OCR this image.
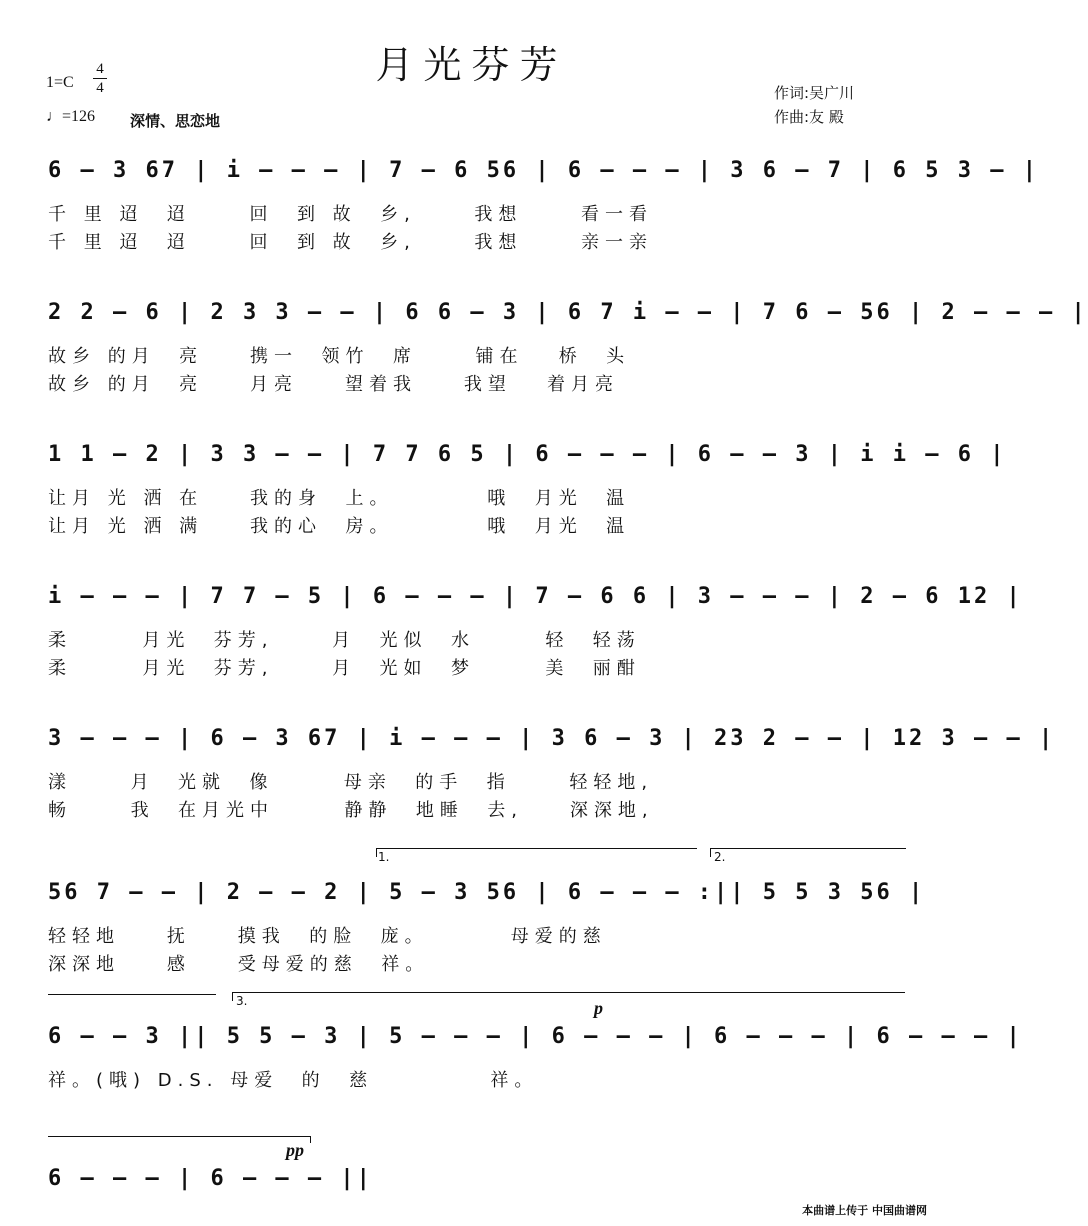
月光芬芳
1=C
4
4
♩=126 深情、思恋地
作词:吴广川
作曲:友 殿
6 – 3 67 | i – – – | 7 – 6 56 | 6 – – – | 3 6 – 7 | 6 5 3 – |
千 里 迢  迢     回  到 故  乡,     我想     看一看
千 里 迢  迢     回  到 故  乡,     我想     亲一亲
2 2 – 6 | 2 3 3 – – | 6 6 – 3 | 6 7 i – – | 7 6 – 56 | 2 – – – |
故乡 的月  亮    携一  领竹  席     铺在   桥  头
故乡 的月  亮    月亮    望着我    我望   着月亮
1 1 – 2 | 3 3 – – | 7 7 6 5 | 6 – – – | 6 – – 3 | i i – 6 |
让月 光 洒 在    我的身  上。        哦  月光  温
让月 光 洒 满    我的心  房。        哦  月光  温
i – – – | 7 7 – 5 | 6 – – – | 7 – 6 6 | 3 – – – | 2 – 6 12 |
柔      月光  芬芳,     月  光似  水      轻  轻荡
柔      月光  芬芳,     月  光如  梦      美  丽酣
3 – – – | 6 – 3 67 | i – – – | 3 6 – 3 | 23 2 – – | 12 3 – – |
漾     月  光就  像      母亲  的手  指     轻轻地,
畅     我  在月光中      静静  地睡  去,    深深地,
1.	2.
56 7 – – | 2 – – 2 | 5 – 3 56 | 6 – – – :|| 5 5 3 56 |
轻轻地    抚    摸我  的脸  庞。       母爱的慈
深深地    感    受母爱的慈  祥。
3.	p
6 – – 3 || 5 5 – 3 | 5 – – – | 6 – – – | 6 – – – | 6 – – – |
祥。(哦) D.S. 母爱  的  慈          祥。
pp
6 – – – | 6 – – – ||
本曲谱上传于 中国曲谱网
